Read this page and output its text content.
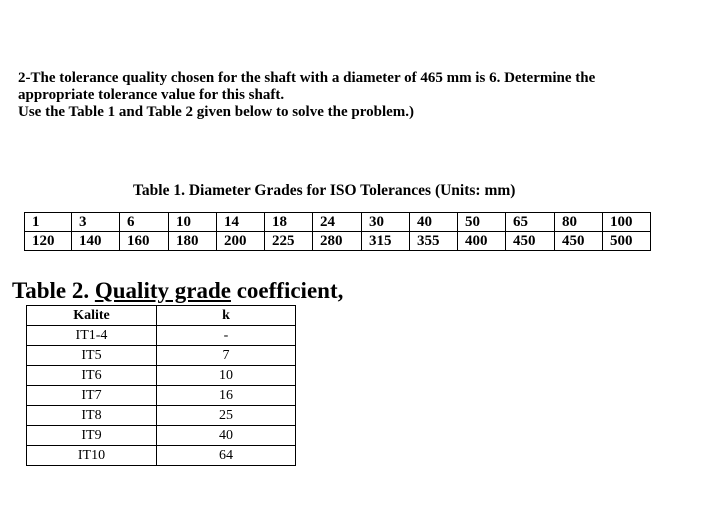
2-The tolerance quality chosen for the shaft with a diameter of 465 mm is 6. Determine the
appropriate tolerance value for this shaft.
Use the Table 1 and Table 2 given below to solve the problem.)
Table 1. Diameter Grades for ISO Tolerances (Units: mm)
1	3	6	10	14	18	24	30	40	50	65	80	100
120	140	160	180	200	225	280	315	355	400	450	450	500
Table 2. Quality grade coefficient,
Kalite	k
IT1-4	-
IT5	7
IT6	10
IT7	16
IT8	25
IT9	40
IT10	64
